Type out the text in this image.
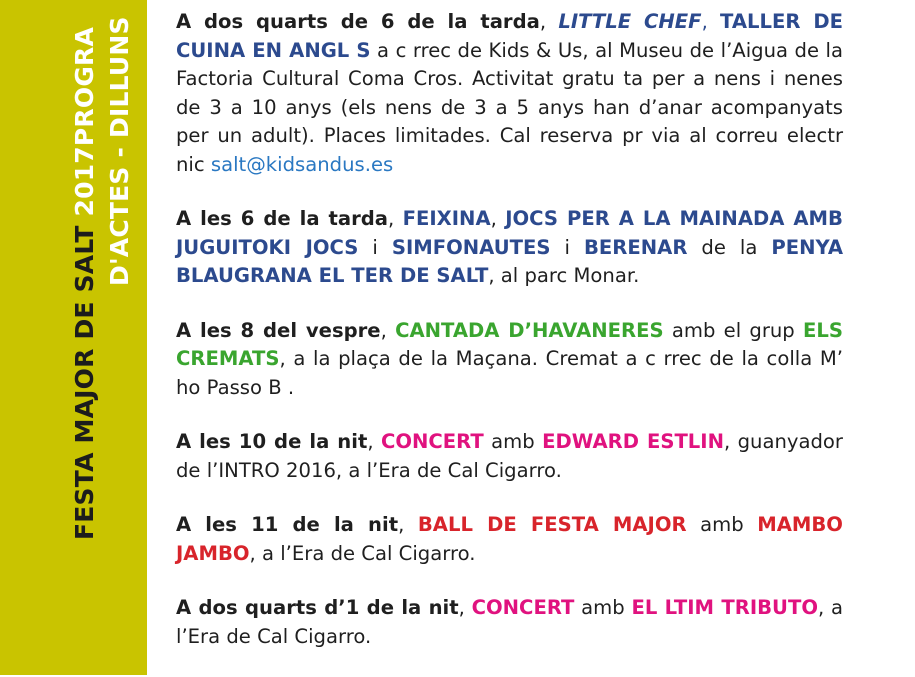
FESTA MAJOR DE SALT 2017PROGRA D'ACTES - DILLUNS A dos quarts de 6 de la tarda, LITTLE CHEF, TALLER DE CUINA EN ANGL S a c rrec de Kids & Us, al Museu de l’Aigua de la Factoria Cultural Coma Cros. Activitat gratu ta per a nens i nenes de 3 a 10 anys (els nens de 3 a 5 anys han d’anar acompanyats per un adult). Places limitades. Cal reserva pr via al correu electr nic salt@kidsandus.es

A les 6 de la tarda, FEIXINA, JOCS PER A LA MAINADA AMB JUGUITOKI JOCS i SIMFONAUTES i BERENAR de la PENYA BLAUGRANA EL TER DE SALT, al parc Monar.

A les 8 del vespre, CANTADA D’HAVANERES amb el grup ELS CREMATS, a la plaça de la Maçana. Cremat a c rrec de la colla M’ ho Passo B .

A les 10 de la nit, CONCERT amb EDWARD ESTLIN, guanyador de l’INTRO 2016, a l’Era de Cal Cigarro.

A les 11 de la nit, BALL DE FESTA MAJOR amb MAMBO JAMBO, a l’Era de Cal Cigarro.

A dos quarts d’1 de la nit, CONCERT amb EL LTIM TRIBUTO, a l’Era de Cal Cigarro.
